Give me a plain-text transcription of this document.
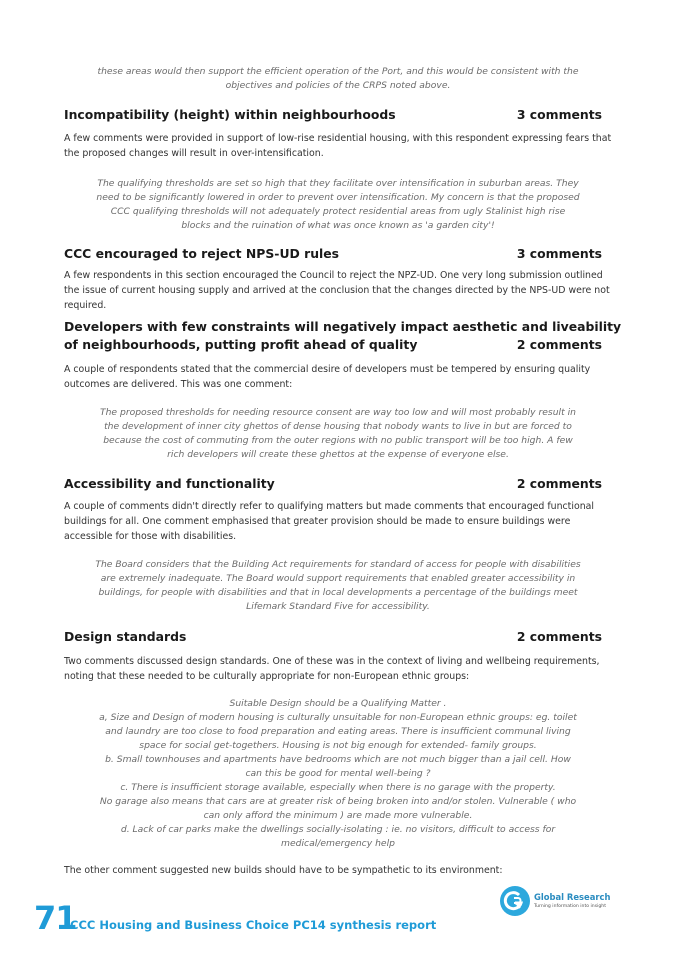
these areas would then support the efficient operation of the Port, and this would be consistent with the

objectives and policies of the CRPS noted above.

Incompatibility (height) within neighbourhoods	3 comments
A few comments were provided in support of low-rise residential housing, with this respondent expressing fears that the proposed changes will result in over-intensification.
The qualifying thresholds are set so high that they facilitate over intensification in suburban areas. They need to be significantly lowered in order to prevent over intensification. My concern is that the proposed CCC qualifying thresholds will not adequately protect residential areas from ugly Stalinist high rise blocks and the ruination of what was once known as 'a garden city'!
CCC encouraged to reject NPS-UD rules	3 comments
A few respondents in this section encouraged the Council to reject the NPZ-UD. One very long submission outlined the issue of current housing supply and arrived at the conclusion that the changes directed by the NPS-UD were not required.
Developers with few constraints will negatively impact aesthetic and liveability of neighbourhoods, putting profit ahead of quality	2 comments
A couple of respondents stated that the commercial desire of developers must be tempered by ensuring quality outcomes are delivered. This was one comment:
The proposed thresholds for needing resource consent are way too low and will most probably result in the development of inner city ghettos of dense housing that nobody wants to live in but are forced to because the cost of commuting from the outer regions with no public transport will be too high. A few rich developers will create these ghettos at the expense of everyone else.
Accessibility and functionality	2 comments
A couple of comments didn't directly refer to qualifying matters but made comments that encouraged functional buildings for all. One comment emphasised that greater provision should be made to ensure buildings were accessible for those with disabilities.
The Board considers that the Building Act requirements for standard of access for people with disabilities are extremely inadequate. The Board would support requirements that enabled greater accessibility in buildings, for people with disabilities and that in local developments a percentage of the buildings meet Lifemark Standard Five for accessibility.
Design standards	2 comments
Two comments discussed design standards. One of these was in the context of living and wellbeing requirements, noting that these needed to be culturally appropriate for non-European ethnic groups:

Suitable Design should be a Qualifying Matter .

a, Size and Design of modern housing is culturally unsuitable for non-European ethnic groups: eg. toilet and laundry are too close to food preparation and eating areas. There is insufficient communal living space for social get-togethers. Housing is not big enough for extended- family groups.

b. Small townhouses and apartments have bedrooms which are not much bigger than a jail cell. How can this be good for mental well-being ?

c. There is insufficient storage available, especially when there is no garage with the property.

No garage also means that cars are at greater risk of being broken into and/or stolen. Vulnerable ( who can only afford the minimum ) are made more vulnerable.

d. Lack of car parks make the dwellings socially-isolating : ie. no visitors, difficult to access for medical/emergency help

The other comment suggested new builds should have to be sympathetic to its environment:
71
CCC Housing and Business Choice PC14 synthesis report
Global Research
Turning information into insight
